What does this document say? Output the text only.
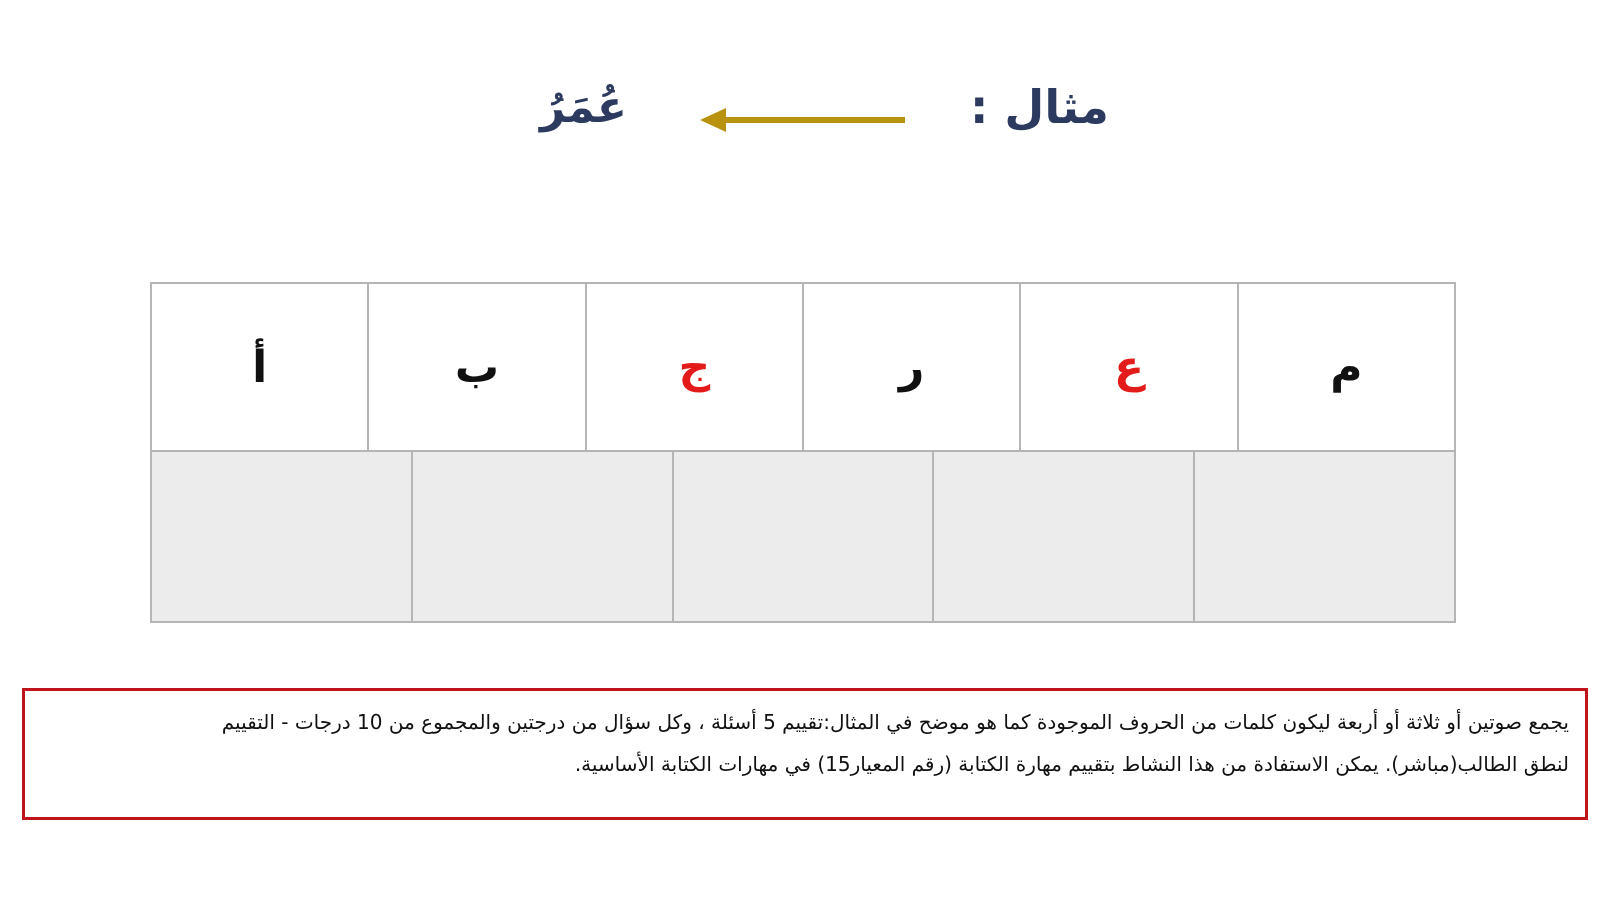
مثال :
عُمَرُ
م
ع
ر
ج
ب
أ
يجمع صوتين أو ثلاثة أو أربعة ليكون كلمات من الحروف الموجودة كما هو موضح في المثال:تقييم 5 أسئلة ، وكل سؤال من درجتين والمجموع من 10 درجات - التقييم
لنطق الطالب(مباشر). يمكن الاستفادة من هذا النشاط بتقييم مهارة الكتابة (رقم المعيار15) في مهارات الكتابة الأساسية.
